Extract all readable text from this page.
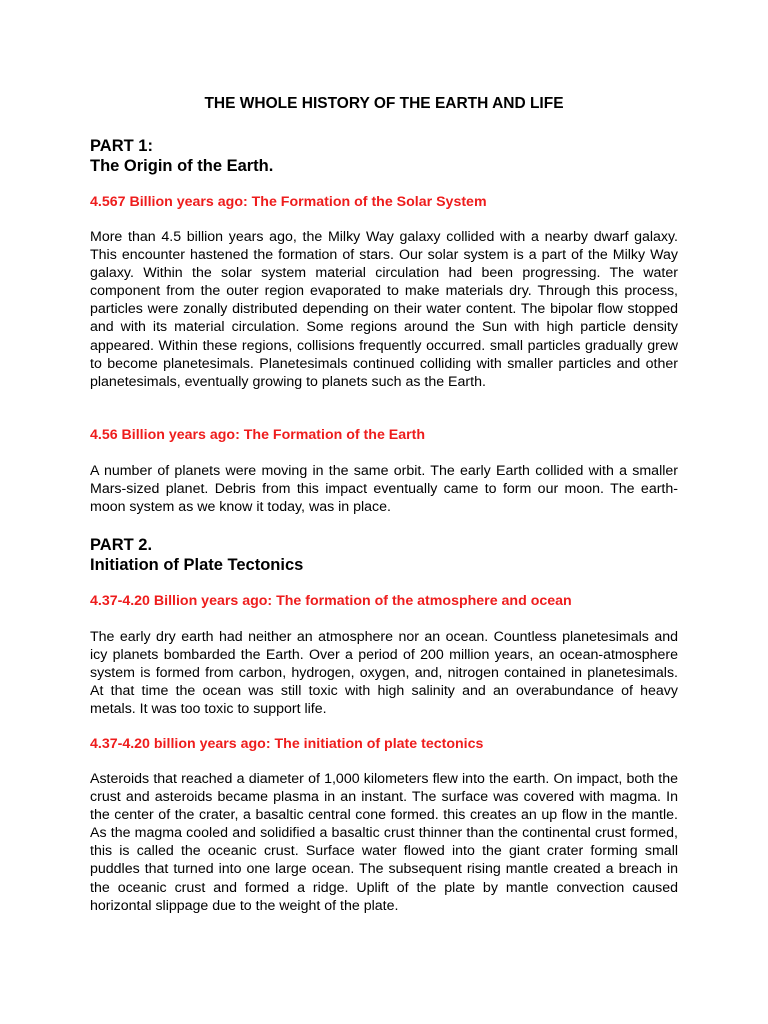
THE WHOLE HISTORY OF THE EARTH AND LIFE
PART 1:
The Origin of the Earth.
4.567 Billion years ago: The Formation of the Solar System

More than 4.5 billion years ago, the Milky Way galaxy collided with a nearby dwarf galaxy. This encounter hastened the formation of stars. Our solar system is a part of the Milky Way galaxy. Within the solar system material circulation had been progressing. The water component from the outer region evaporated to make materials dry. Through this process, particles were zonally distributed depending on their water content. The bipolar flow stopped and with its material circulation. Some regions around the Sun with high particle density appeared. Within these regions, collisions frequently occurred. small particles gradually grew to become planetesimals. Planetesimals continued colliding with smaller particles and other planetesimals, eventually growing to planets such as the Earth.

4.56 Billion years ago: The Formation of the Earth

A number of planets were moving in the same orbit. The early Earth collided with a smaller Mars-sized planet. Debris from this impact eventually came to form our moon. The earth-moon system as we know it today, was in place.

PART 2.
Initiation of Plate Tectonics
4.37-4.20 Billion years ago: The formation of the atmosphere and ocean

The early dry earth had neither an atmosphere nor an ocean. Countless planetesimals and icy planets bombarded the Earth. Over a period of 200 million years, an ocean-atmosphere system is formed from carbon, hydrogen, oxygen, and, nitrogen contained in planetesimals. At that time the ocean was still toxic with high salinity and an overabundance of heavy metals. It was too toxic to support life.

4.37-4.20 billion years ago: The initiation of plate tectonics

Asteroids that reached a diameter of 1,000 kilometers flew into the earth. On impact, both the crust and asteroids became plasma in an instant. The surface was covered with magma. In the center of the crater, a basaltic central cone formed. this creates an up flow in the mantle. As the magma cooled and solidified a basaltic crust thinner than the continental crust formed, this is called the oceanic crust. Surface water flowed into the giant crater forming small puddles that turned into one large ocean. The subsequent rising mantle created a breach in the oceanic crust and formed a ridge. Uplift of the plate by mantle convection caused horizontal slippage due to the weight of the plate.
